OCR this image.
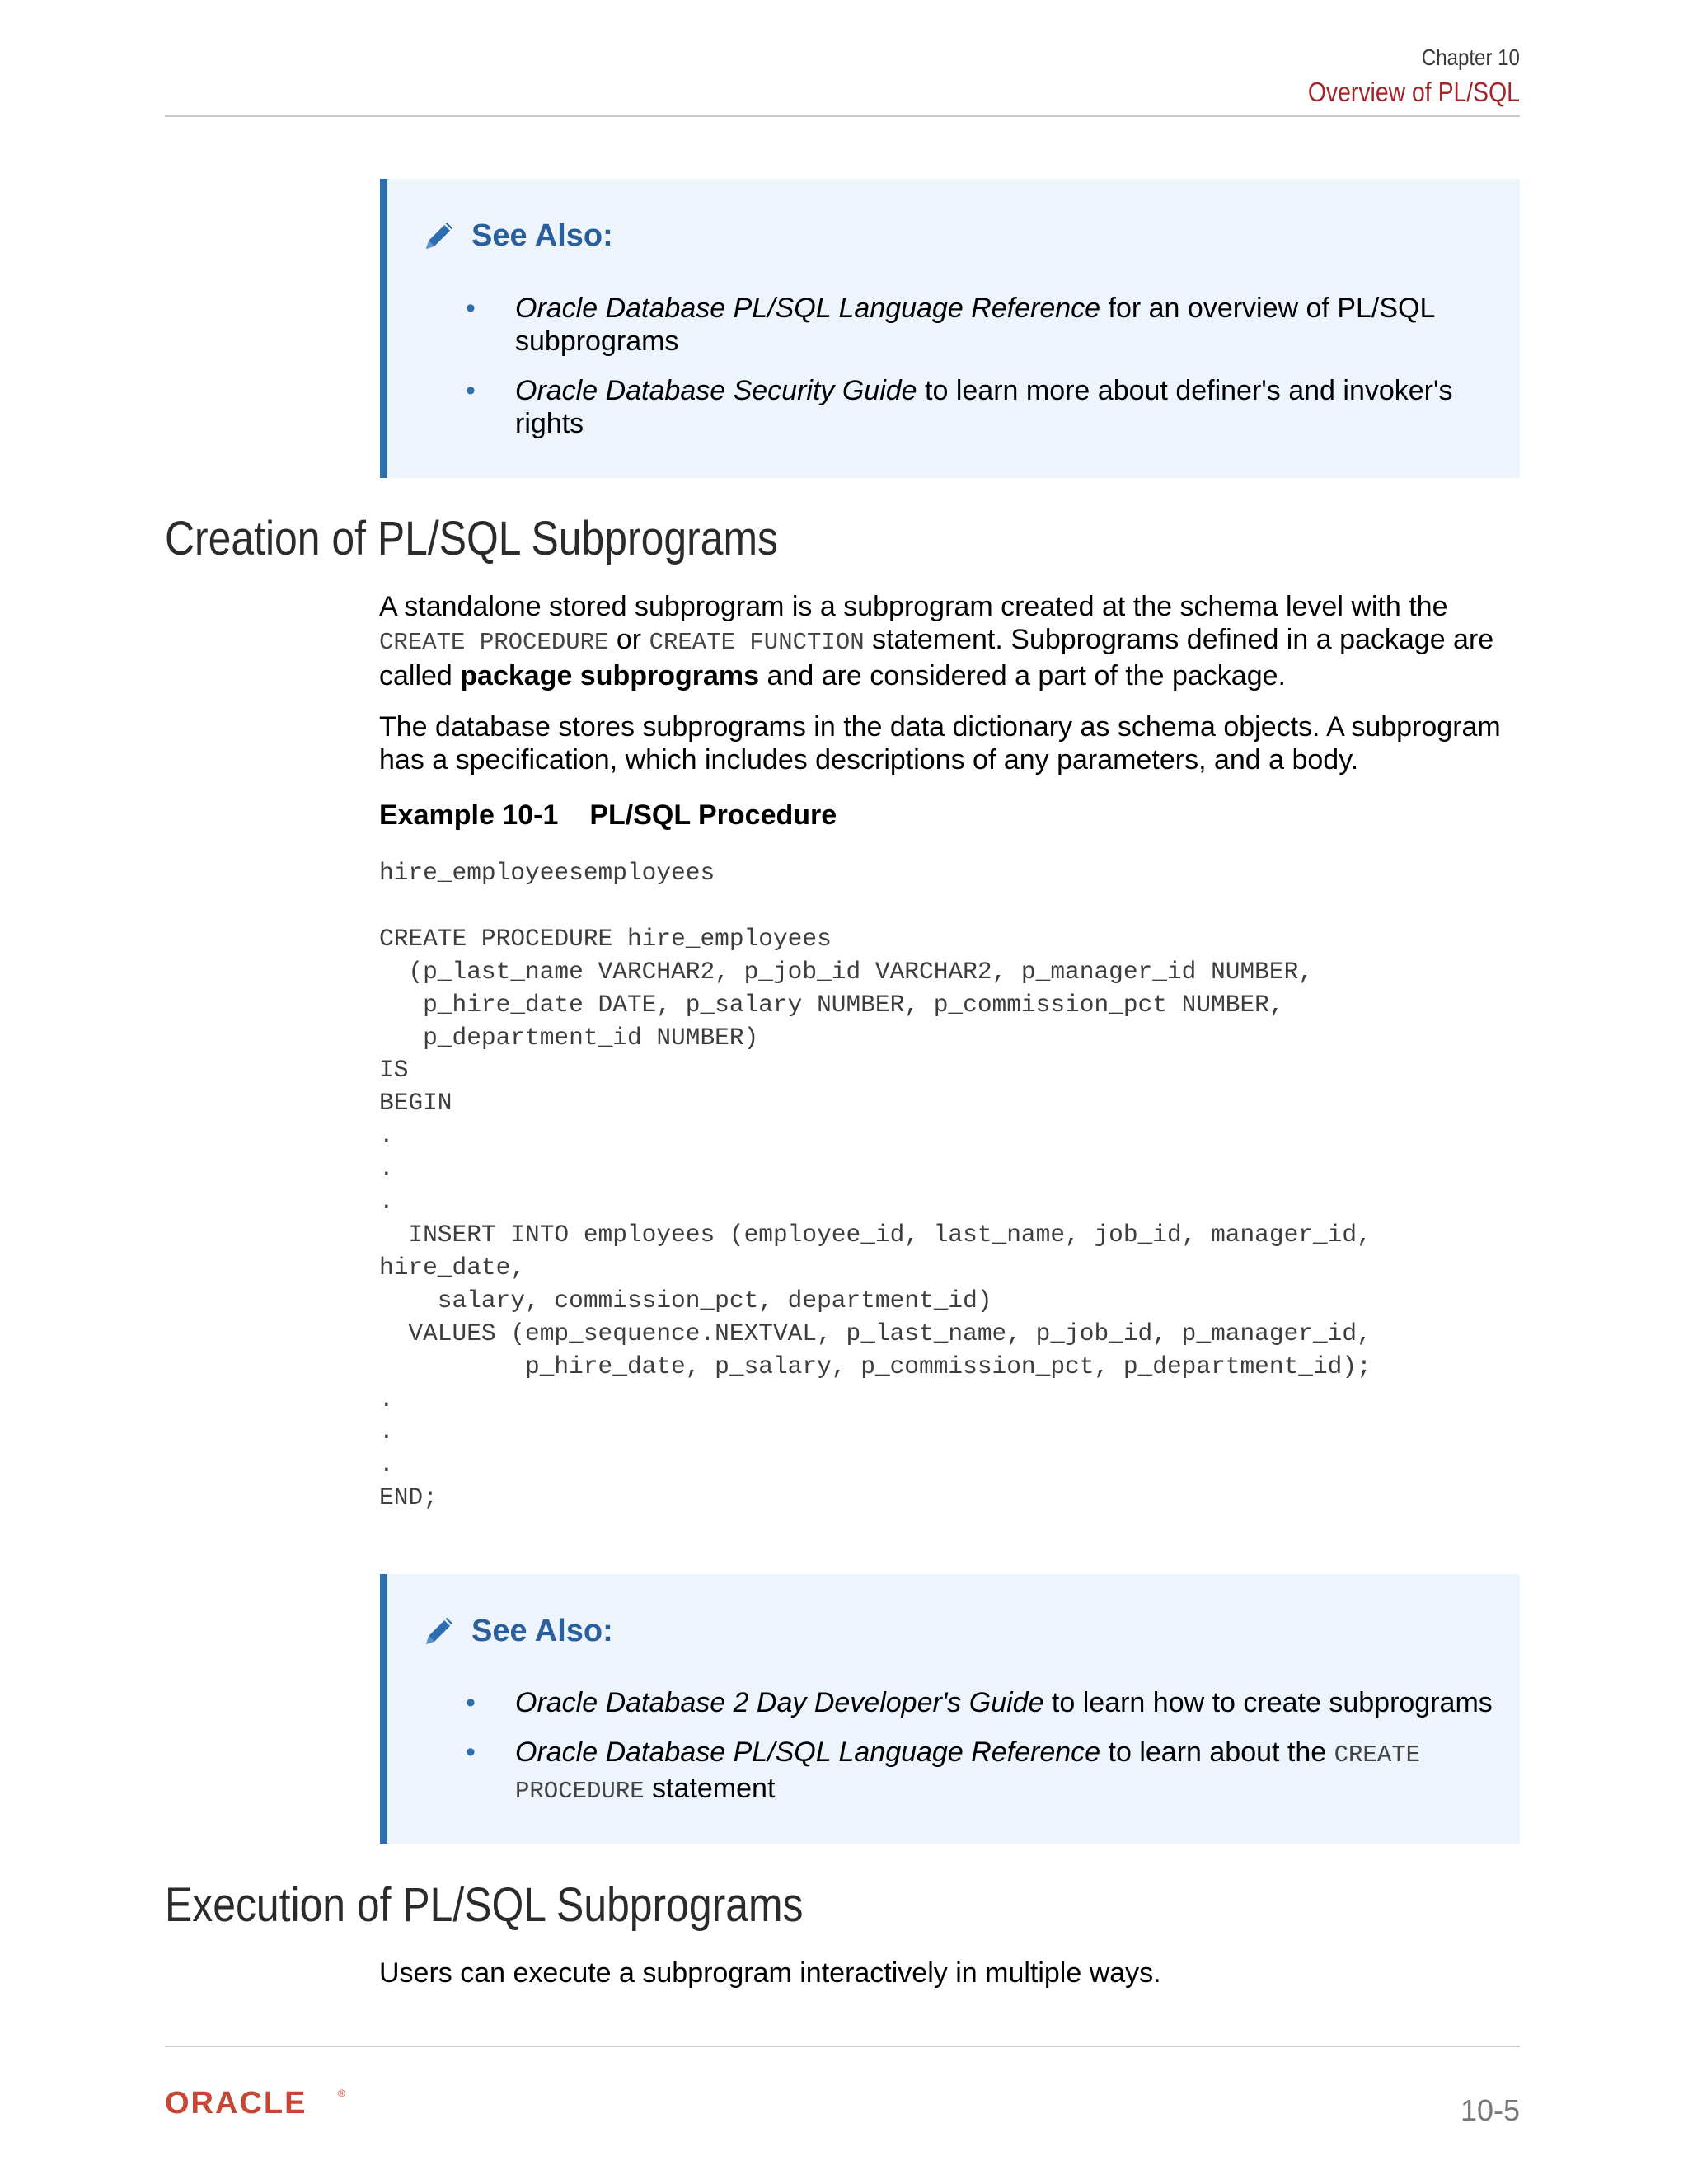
Chapter 10
Overview of PL/SQL
See Also:
• Oracle Database PL/SQL Language Reference for an overview of PL/SQL subprograms
• Oracle Database Security Guide to learn more about definer's and invoker's rights
Creation of PL/SQL Subprograms

A standalone stored subprogram is a subprogram created at the schema level with the CREATE PROCEDURE or CREATE FUNCTION statement. Subprograms defined in a package are called package subprograms and are considered a part of the package.

The database stores subprograms in the data dictionary as schema objects. A subprogram has a specification, which includes descriptions of any parameters, and a body.

Example 10-1 PL/SQL Procedure
hire_employeesemployees

CREATE PROCEDURE hire_employees
(p_last_name VARCHAR2, p_job_id VARCHAR2, p_manager_id NUMBER,
p_hire_date DATE, p_salary NUMBER, p_commission_pct NUMBER,
p_department_id NUMBER)
IS
BEGIN
.
.
.
INSERT INTO employees (employee_id, last_name, job_id, manager_id,
hire_date,
salary, commission_pct, department_id)
VALUES (emp_sequence.NEXTVAL, p_last_name, p_job_id, p_manager_id,
p_hire_date, p_salary, p_commission_pct, p_department_id);
.
.
.
END;
See Also:
• Oracle Database 2 Day Developer's Guide to learn how to create subprograms
• Oracle Database PL/SQL Language Reference to learn about the CREATE PROCEDURE statement
Execution of PL/SQL Subprograms

Users can execute a subprogram interactively in multiple ways.

ORACLE	®	10-5
